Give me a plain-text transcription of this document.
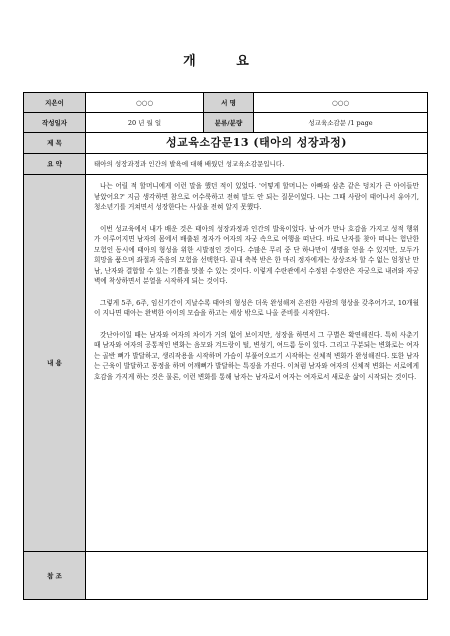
개 요
지은이	○○○	서 명	○○○
작성일자	20 년 월 일	분류/분량	성교육소감문 /1 page
제 목	성교육소감문13 (태아의 성장과정)		
요 약	태아의 성장과정과 인간의 발육에 대해 배웠던 성교육소감문입니다.		
내 용	나는 어릴 적 할머니에게 이런 말을 했던 적이 있었다. '어떻게 할머니는 아빠와 삼촌 같은 덩치가 큰 아이들만 낳았어요?' 지금 생각하면 참으로 어수룩하고 전혀 말도 안 되는 질문이었다. 나는 그때 사람이 태어나서 유아기, 청소년기를 거쳐면서 성장한다는 사실을 전혀 알지 못했다.

이번 성교육에서 내가 배운 것은 태아의 성장과정과 인간의 발육이었다. 남·여가 만나 호감을 가지고 성적 행위가 이루어지면 남자의 몸에서 배출된 정자가 여자의 자궁 속으로 여행을 떠난다. 바로 난자를 찾아 떠나는 험난한 모험인 동시에 태아의 형성을 위한 시발점인 것이다. 수많은 무리 중 단 하나만이 생명을 얻을 수 있지만, 모두가 희망을 품으며 좌절과 죽음의 모험을 선택한다. 끝내 축복 받은 한 마리 정자에게는 상상조차 할 수 없는 엄청난 만남, 난자와 결합할 수 있는 기쁨을 맛볼 수 있는 것이다. 이렇게 수란관에서 수정된 수정란은 자궁으로 내려와 자궁벽에 착상하면서 분열을 시작하게 되는 것이다.

그렇게 5주, 6주, 임신기간이 지날수록 태아의 형성은 더욱 완성해져 온전한 사람의 형상을 갖추어가고, 10개월이 지나면 태아는 완벽한 아이의 모습을 하고는 세상 밖으로 나올 준비를 시작한다.

갓난아이일 때는 남자와 여자의 차이가 거의 없어 보이지만, 성장을 하면서 그 구별은 확연해진다. 특히 사춘기 때 남자와 여자의 공통적인 변화는 음모와 겨드랑이 털, 변성기, 여드름 등이 있다. 그리고 구분되는 변화로는 여자는 골반 뼈가 발달하고, 생리작용을 시작하며 가슴이 부풀어오르기 시작하는 신체적 변화가 완성해진다. 또한 남자는 근육이 발달하고 몽정을 하며 어깨뼈가 발달하는 특징을 가진다. 이처럼 남자와 여자의 신체적 변화는 서로에게 호감을 가지게 하는 것은 물론, 이런 변화를 통해 남자는 남자로서 여자는 여자로서 새로운 삶이 시작되는 것이다.		

참 조			
